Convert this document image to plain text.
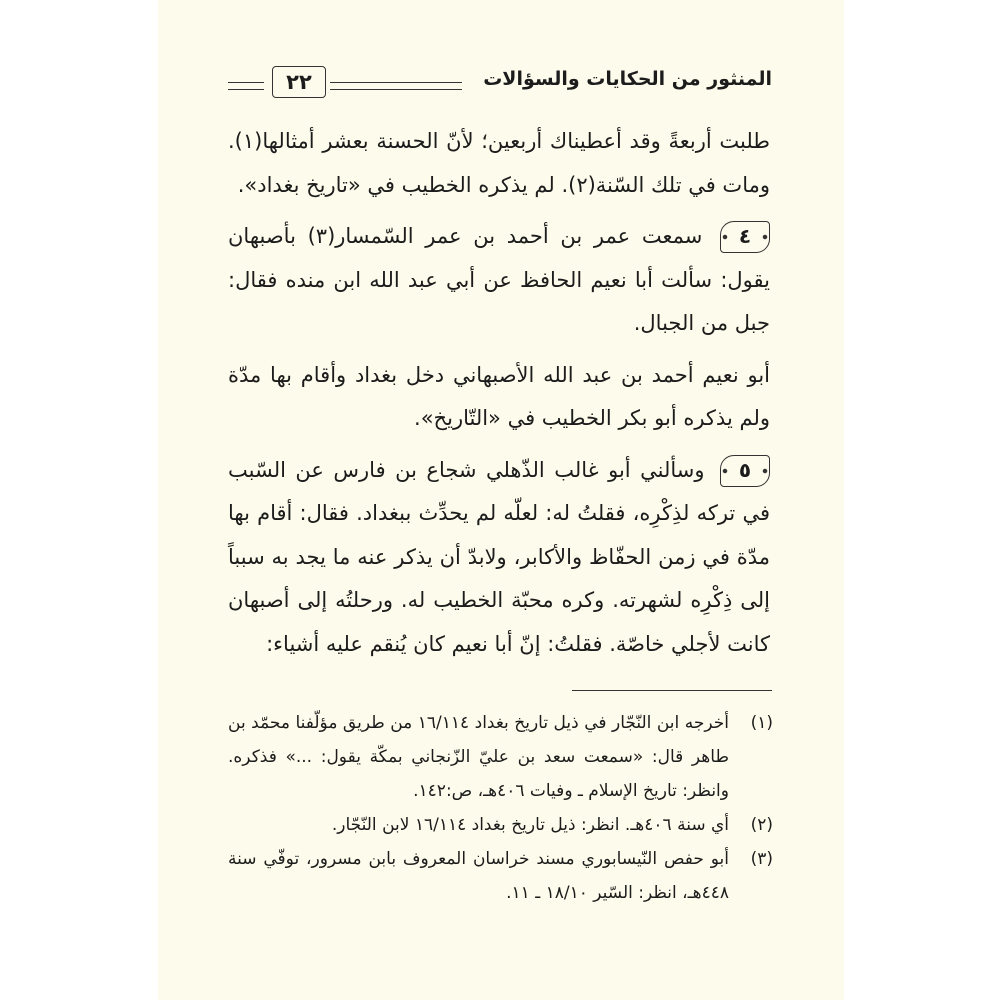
المنثور من الحكايات والسؤالات
٢٢

طلبت أربعةً وقد أعطيناك أربعين؛ لأنّ الحسنة بعشر أمثالها(١). ومات في تلك السّنة(٢). لم يذكره الخطيب في «تاريخ بغداد».

٤ سمعت عمر بن أحمد بن عمر السّمسار(٣) بأصبهان يقول: سألت أبا نعيم الحافظ عن أبي عبد الله ابن منده فقال: جبل من الجبال.

أبو نعيم أحمد بن عبد الله الأصبهاني دخل بغداد وأقام بها مدّة ولم يذكره أبو بكر الخطيب في «التّاريخ».

٥ وسألني أبو غالب الذّهلي شجاع بن فارس عن السّبب في تركه لذِكْرِه، فقلتُ له: لعلّه لم يحدِّث ببغداد. فقال: أقام بها مدّة في زمن الحفّاظ والأكابر، ولابدّ أن يذكر عنه ما يجد به سبباً إلى ذِكْرِه لشهرته. وكره محبّة الخطيب له. ورحلتُه إلى أصبهان كانت لأجلي خاصّة. فقلتُ: إنّ أبا نعيم كان يُنقم عليه أشياء:

(١)
أخرجه ابن النّجّار في ذيل تاريخ بغداد ١٦/١١٤ من طريق مؤلّفنا محمّد بن طاهر قال: «سمعت سعد بن عليّ الزّنجاني بمكّة يقول: ...» فذكره. وانظر: تاريخ الإسلام ـ وفيات ٤٠٦هـ، ص:١٤٢.
(٢)
أي سنة ٤٠٦هـ. انظر: ذيل تاريخ بغداد ١٦/١١٤ لابن النّجّار.
(٣)
أبو حفص النّيسابوري مسند خراسان المعروف بابن مسرور، توفّي سنة ٤٤٨هـ، انظر: السّير ١٨/١٠ ـ ١١.
